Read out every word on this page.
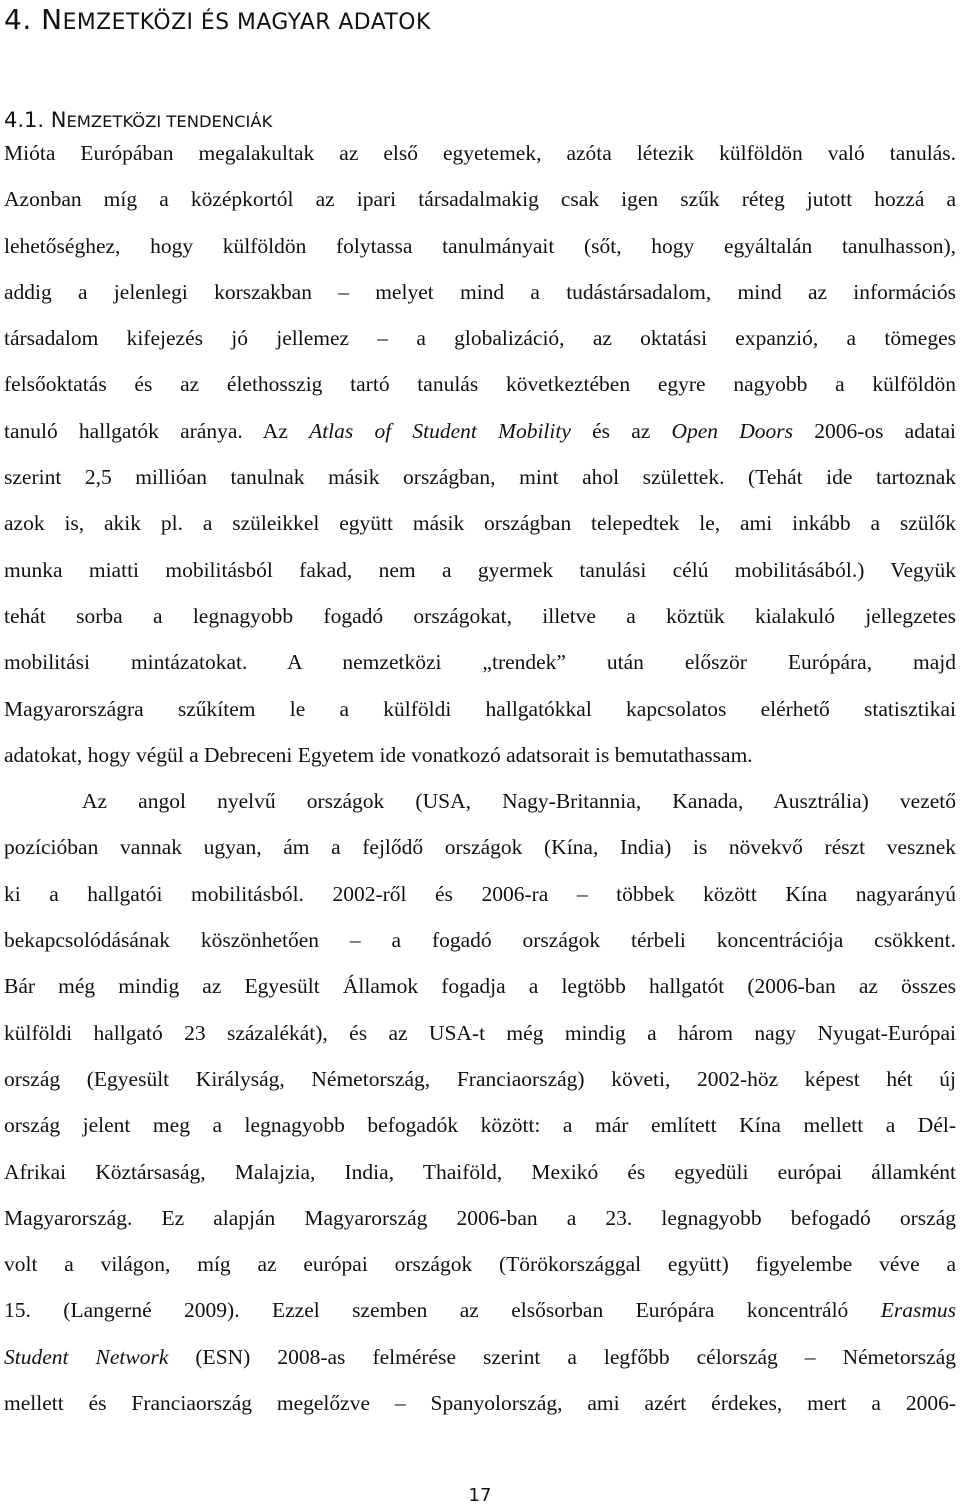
4. NEMZETKÖZI ÉS MAGYAR ADATOK
4.1. NEMZETKÖZI TENDENCIÁK
Mióta Európában megalakultak az első egyetemek, azóta létezik külföldön való tanulás.
Azonban míg a középkortól az ipari társadalmakig csak igen szűk réteg jutott hozzá a
lehetőséghez, hogy külföldön folytassa tanulmányait (sőt, hogy egyáltalán tanulhasson),
addig a jelenlegi korszakban – melyet mind a tudástársadalom, mind az információs
társadalom kifejezés jó jellemez – a globalizáció, az oktatási expanzió, a tömeges
felsőoktatás és az élethosszig tartó tanulás következtében egyre nagyobb a külföldön
tanuló hallgatók aránya. Az Atlas of Student Mobility és az Open Doors 2006-os adatai
szerint 2,5 millióan tanulnak másik országban, mint ahol születtek. (Tehát ide tartoznak
azok is, akik pl. a szüleikkel együtt másik országban telepedtek le, ami inkább a szülők
munka miatti mobilitásból fakad, nem a gyermek tanulási célú mobilitásából.) Vegyük
tehát sorba a legnagyobb fogadó országokat, illetve a köztük kialakuló jellegzetes
mobilitási mintázatokat. A nemzetközi „trendek” után először Európára, majd
Magyarországra szűkítem le a külföldi hallgatókkal kapcsolatos elérhető statisztikai
adatokat, hogy végül a Debreceni Egyetem ide vonatkozó adatsorait is bemutathassam.
Az angol nyelvű országok (USA, Nagy-Britannia, Kanada, Ausztrália) vezető
pozícióban vannak ugyan, ám a fejlődő országok (Kína, India) is növekvő részt vesznek
ki a hallgatói mobilitásból. 2002-ről és 2006-ra – többek között Kína nagyarányú
bekapcsolódásának köszönhetően – a fogadó országok térbeli koncentrációja csökkent.
Bár még mindig az Egyesült Államok fogadja a legtöbb hallgatót (2006-ban az összes
külföldi hallgató 23 százalékát), és az USA-t még mindig a három nagy Nyugat-Európai
ország (Egyesült Királyság, Németország, Franciaország) követi, 2002-höz képest hét új
ország jelent meg a legnagyobb befogadók között: a már említett Kína mellett a Dél-
Afrikai Köztársaság, Malajzia, India, Thaiföld, Mexikó és egyedüli európai államként
Magyarország. Ez alapján Magyarország 2006-ban a 23. legnagyobb befogadó ország
volt a világon, míg az európai országok (Törökországgal együtt) figyelembe véve a
15. (Langerné 2009). Ezzel szemben az elsősorban Európára koncentráló Erasmus
Student Network (ESN) 2008-as felmérése szerint a legfőbb célország – Németország
mellett és Franciaország megelőzve – Spanyolország, ami azért érdekes, mert a 2006-
17
